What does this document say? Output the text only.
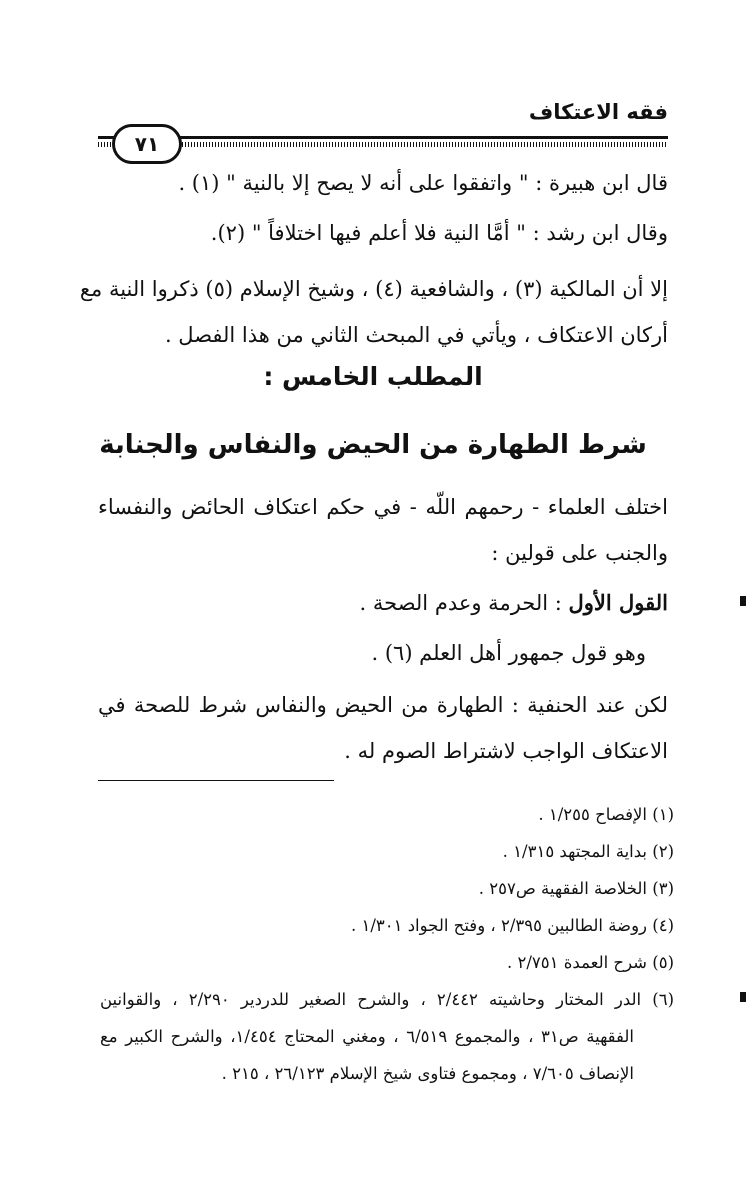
فقه الاعتكاف
٧١
قال ابن هبيرة : " واتفقوا على أنه لا يصح إلا بالنية " (١) .
وقال ابن رشد : " أمَّا النية فلا أعلم فيها اختلافاً " (٢).
إلا أن المالكية (٣) ، والشافعية (٤) ، وشيخ الإسلام (٥) ذكروا النية مع
أركان الاعتكاف ، ويأتي في المبحث الثاني من هذا الفصل .
المطلب الخامس :
شرط الطهارة من الحيض والنفاس والجنابة
اختلف العلماء - رحمهم اللّه - في حكم اعتكاف الحائض والنفساء
والجنب على قولين :
القول الأول : الحرمة وعدم الصحة .
وهو قول جمهور أهل العلم (٦) .
لكن عند الحنفية : الطهارة من الحيض والنفاس شرط للصحة في
الاعتكاف الواجب لاشتراط الصوم له .
(١) الإفصاح ١/٢٥٥ .
(٢) بداية المجتهد ١/٣١٥ .
(٣) الخلاصة الفقهية ص٢٥٧ .
(٤) روضة الطالبين ٢/٣٩٥ ، وفتح الجواد ١/٣٠١ .
(٥) شرح العمدة ٢/٧٥١ .
(٦) الدر المختار وحاشيته ٢/٤٤٢ ، والشرح الصغير للدردير ٢/٢٩٠ ، والقوانين
الفقهية ص٣١ ، والمجموع ٦/٥١٩ ، ومغني المحتاج ١/٤٥٤، والشرح الكبير مع
الإنصاف ٧/٦٠٥ ، ومجموع فتاوى شيخ الإسلام ٢٦/١٢٣ ، ٢١٥ .
